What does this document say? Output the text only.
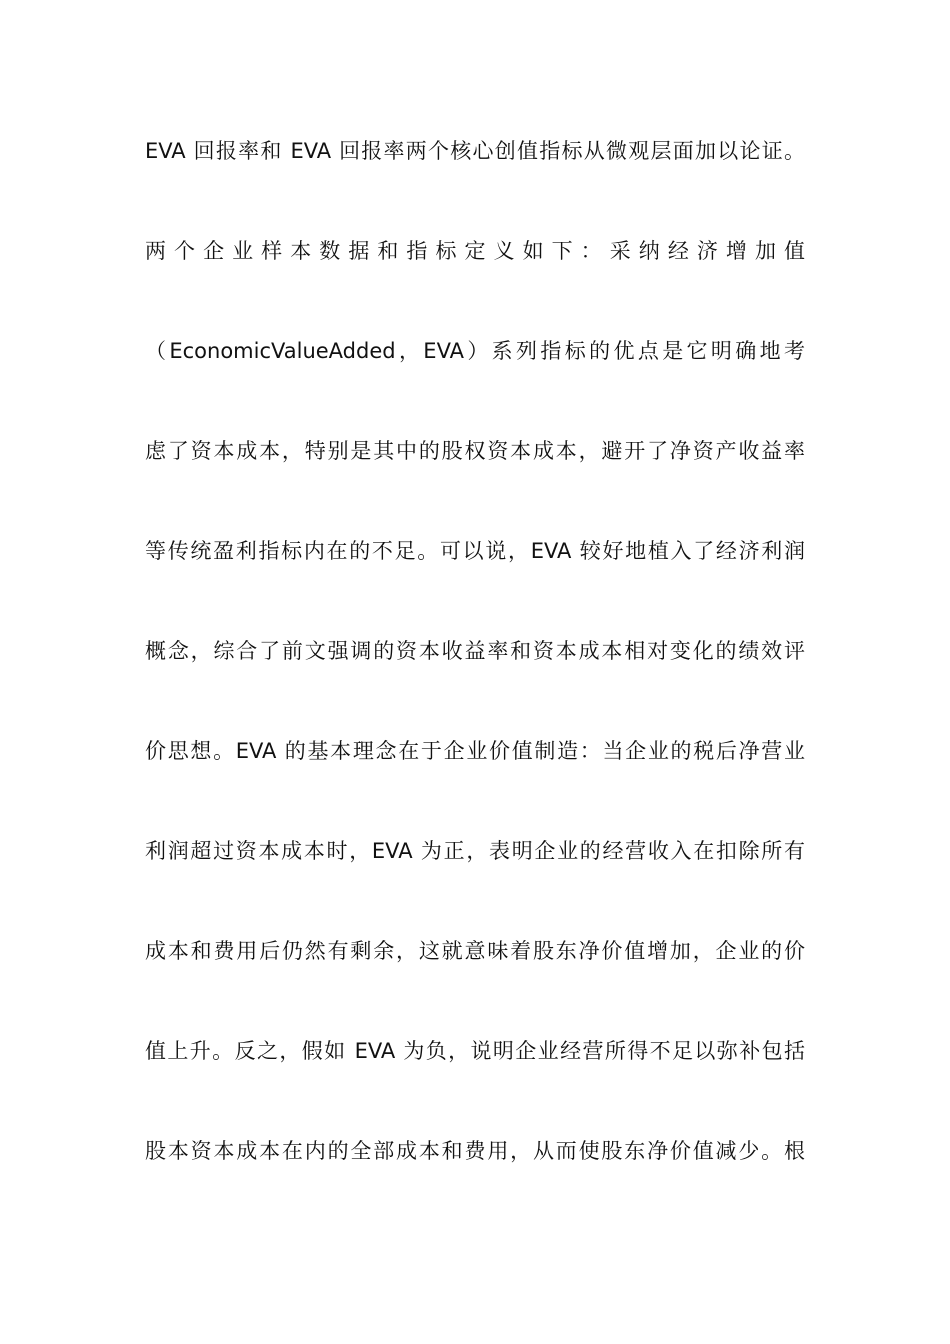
EVA 回报率和 EVA 回报率两个核心创值指标从微观层面加以论证。
两个企业样本数据和指标定义如下：采纳经济增加值
（EconomicValueAdded，EVA）系列指标的优点是它明确地考
虑了资本成本，特别是其中的股权资本成本，避开了净资产收益率
等传统盈利指标内在的不足。可以说，EVA 较好地植入了经济利润
概念，综合了前文强调的资本收益率和资本成本相对变化的绩效评
价思想。EVA 的基本理念在于企业价值制造：当企业的税后净营业
利润超过资本成本时，EVA 为正，表明企业的经营收入在扣除所有
成本和费用后仍然有剩余，这就意味着股东净价值增加，企业的价
值上升。反之，假如 EVA 为负，说明企业经营所得不足以弥补包括
股本资本成本在内的全部成本和费用，从而使股东净价值减少。根
